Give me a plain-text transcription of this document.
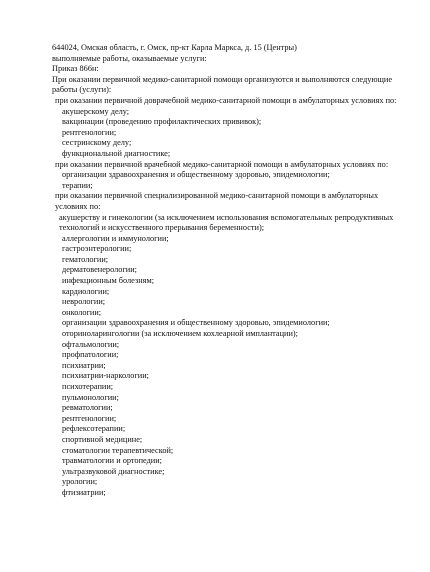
644024, Омская область, г. Омск, пр-кт Карла Маркса, д. 15 (Центры)
выполняемые работы, оказываемые услуги:
Приказ 866н:
При оказании первичной медико-санитарной помощи организуются и выполняются следующие работы (услуги):
при оказании первичной доврачебной медико-санитарной помощи в амбулаторных условиях по:
акушерскому делу;
вакцинации (проведению профилактических прививок);
рентгенологии;
сестринскому делу;
функциональной диагностике;
при оказании первичной врачебной медико-санитарной помощи в амбулаторных условиях по:
организации здравоохранения и общественному здоровью, эпидемиологии;
терапии;
при оказании первичной специализированной медико-санитарной помощи в амбулаторных условиях по:
акушерству и гинекологии (за исключением использования вспомогательных репродуктивных технологий и искусственного прерывания беременности);
аллергологии и иммунологии;
гастроэнтерологии;
гематологии;
дерматовенерологии;
инфекционным болезням;
кардиологии;
неврологии;
онкологии;
организации здравоохранения и общественному здоровью, эпидемиологии;
оториноларингологии (за исключением кохлеарной имплантации);
офтальмологии;
профпатологии;
психиатрии;
психиатрии-наркологии;
психотерапии;
пульмонологии;
ревматологии;
рентгенологии;
рефлексотерапии;
спортивной медицине;
стоматологии терапевтической;
травматологии и ортопедии;
ультразвуковой диагностике;
урологии;
фтизиатрии;
